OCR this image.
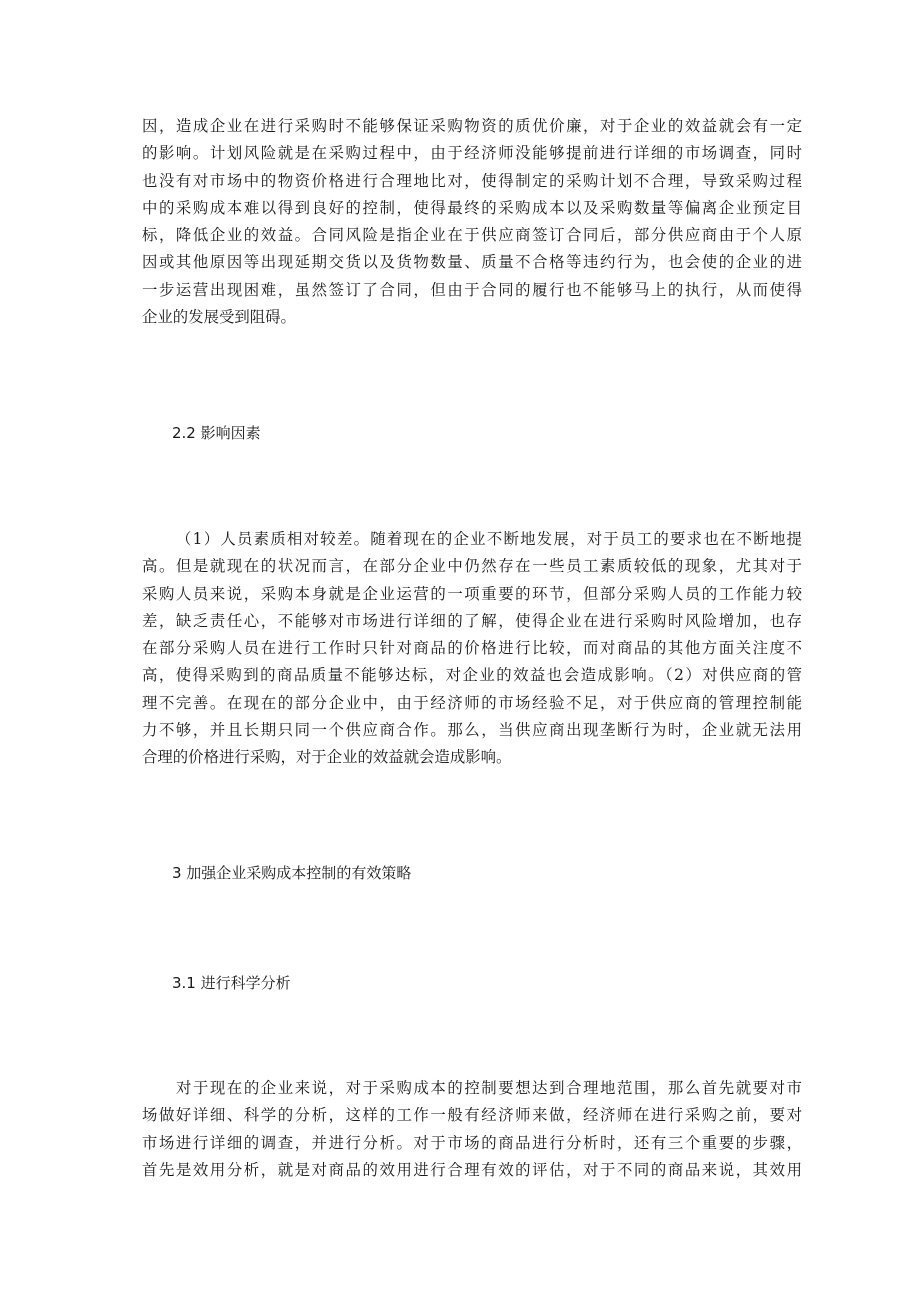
因，造成企业在进行采购时不能够保证采购物资的质优价廉，对于企业的效益就会有一定
的影响。计划风险就是在采购过程中，由于经济师没能够提前进行详细的市场调查，同时
也没有对市场中的物资价格进行合理地比对，使得制定的采购计划不合理，导致采购过程
中的采购成本难以得到良好的控制，使得最终的采购成本以及采购数量等偏离企业预定目
标，降低企业的效益。合同风险是指企业在于供应商签订合同后，部分供应商由于个人原
因或其他原因等出现延期交货以及货物数量、质量不合格等违约行为，也会使的企业的进
一步运营出现困难，虽然签订了合同，但由于合同的履行也不能够马上的执行，从而使得
企业的发展受到阻碍。
2.2 影响因素
（1）人员素质相对较差。随着现在的企业不断地发展，对于员工的要求也在不断地提
高。但是就现在的状况而言，在部分企业中仍然存在一些员工素质较低的现象，尤其对于
采购人员来说，采购本身就是企业运营的一项重要的环节，但部分采购人员的工作能力较
差，缺乏责任心，不能够对市场进行详细的了解，使得企业在进行采购时风险增加，也存
在部分采购人员在进行工作时只针对商品的价格进行比较，而对商品的其他方面关注度不
高，使得采购到的商品质量不能够达标，对企业的效益也会造成影响。（2）对供应商的管
理不完善。在现在的部分企业中，由于经济师的市场经验不足，对于供应商的管理控制能
力不够，并且长期只同一个供应商合作。那么，当供应商出现垄断行为时，企业就无法用
合理的价格进行采购，对于企业的效益就会造成影响。
3 加强企业采购成本控制的有效策略
3.1 进行科学分析
对于现在的企业来说，对于采购成本的控制要想达到合理地范围，那么首先就要对市
场做好详细、科学的分析，这样的工作一般有经济师来做，经济师在进行采购之前，要对
市场进行详细的调查，并进行分析。对于市场的商品进行分析时，还有三个重要的步骤，
首先是效用分析，就是对商品的效用进行合理有效的评估，对于不同的商品来说，其效用
